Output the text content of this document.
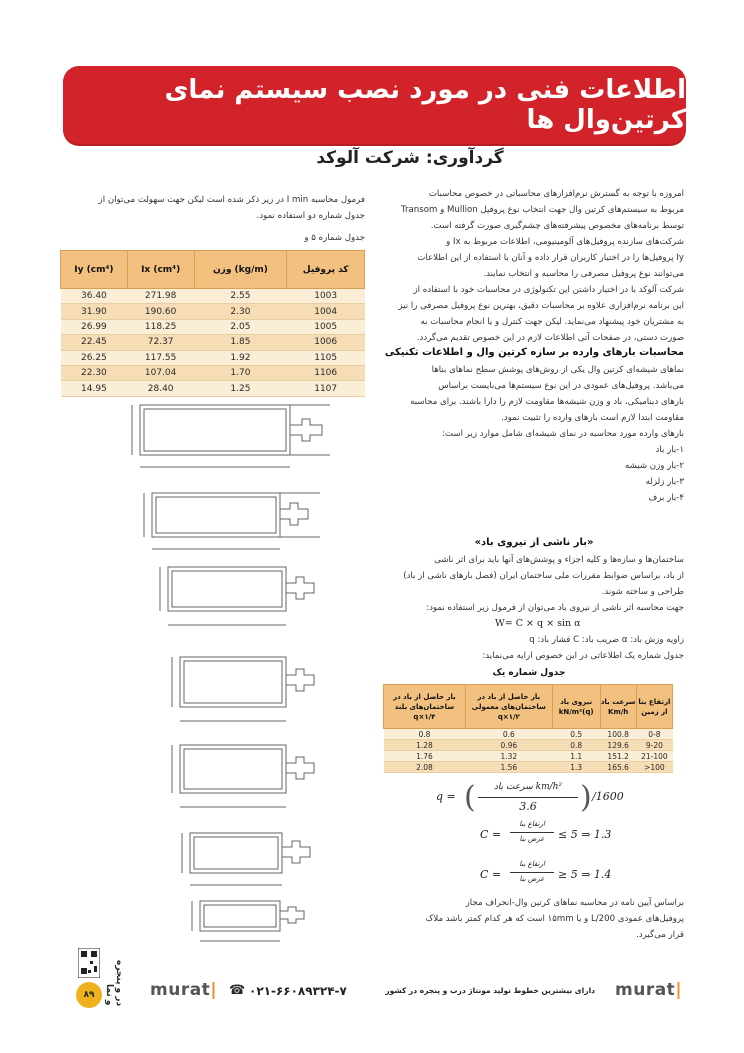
اطلاعات فنی در مورد نصب سیستم نمای کرتین‌وال ها
گردآوری: شرکت آلوکد
امروزه با توجه به گسترش نرم‌افزارهای محاسباتی در خصوص محاسبات
مربوط به سیستم‌های کرتین وال جهت انتخاب نوع پروفیل Mullion و Transom
توسط برنامه‌های مخصوص پیشرفته‌های چشم‌گیری صورت گرفته است.
شرکت‌های سازنده پروفیل‌های آلومینیومی، اطلاعات مربوط به Ix و
Iy پروفیل‌ها را در اختیار کاربران قرار داده و آنان با استفاده از این اطلاعات
می‌توانند نوع پروفیل مصرفی را محاسبه و انتخاب نمایند.
شرکت آلوکد با در اختیار داشتن این تکنولوژی در محاسبات خود با استفاده از
این برنامه نرم‌افزاری علاوه بر محاسبات دقیق، بهترین نوع پروفیل مصرفی را نیز
به مشتریان خود پیشنهاد می‌نماید. لیکن جهت کنترل و یا انجام محاسبات به
صورت دستی، در صفحات آتی اطلاعات لازم در این خصوص تقدیم می‌گردد.
فرمول محاسبه I min در زیر ذکر شده است لیکن جهت سهولت می‌توان از
جدول شماره دو استفاده نمود.
جدول شماره ۵ و
Iy (cm⁴)	Ix (cm⁴)	وزن (kg/m)	کد پروفیل
36.40	271.98	2.55	1003
31.90	190.60	2.30	1004
26.99	118.25	2.05	1005
22.45	72.37	1.85	1006
26.25	117.55	1.92	1105
22.30	107.04	1.70	1106
14.95	28.40	1.25	1107
محاسبات بارهای وارده بر سازه کرتین وال و اطلاعات تکنیکی
نماهای شیشه‌ای کرتین وال یکی از روش‌های پوشش سطح نماهای بناها
می‌باشد. پروفیل‌های عمودی در این نوع سیستم‌ها می‌بایست براساس
بارهای دینامیکی، باد و وزن شیشه‌ها مقاومت لازم را دارا باشند. برای محاسبه
مقاومت ابتدا لازم است بارهای وارده را تثبیت نمود.
بارهای وارده مورد محاسبه در نمای شیشه‌ای شامل موارد زیر است:
۱-بار باد
۲-بار وزن شیشه
۳-بار زلزله
۴-بار برف
«بار ناشی از نیروی باد»
ساختمان‌ها و سازه‌ها و کلیه اجزاء و پوشش‌های آنها باید برای اثر ناشی
از باد، براساس ضوابط مقررات ملی ساختمان ایران (فصل بارهای ناشی از باد)
طراحی و ساخته شوند.
جهت محاسبه اثر ناشی از نیروی باد می‌توان از فرمول زیر استفاده نمود:
W= C × q × sin α
زاویه وزش باد: α ضریب باد: C فشار باد: q
جدول شماره یک اطلاعاتی در این خصوص ارایه می‌نماید:
جدول شماره یک
بار حاصل از باد در ساختمان‌های بلند ۱/۴×q	بار حاصل از باد در ساختمان‌های معمولی ۱/۲×q	نیروی باد (q)kN/m²	سرعت باد Km/h	ارتفاع بنا از زمین
0.8	0.6	0.5	100.8	0-8
1.28	0.96	0.8	129.6	9-20
1.76	1.32	1.1	151.2	21-100
2.08	1.56	1.3	165.6	>100
q = (	سرعت باد km/h²
3.6	) /1600
C =
ارتفاع بنا
عرض بنا	≤ 5 ⇒ 1.3
C =
ارتفاع بنا
عرض بنا	≥ 5 ⇒ 1.4
براساس آیین نامه در محاسبه نماهای کرتین وال-انحراف مجاز
پروفیل‌های عمودی L/200 و یا ۱۵mm است که هر کدام کمتر باشد ملاک
قرار می‌گیرد.
۸۹	در و پنجره و نما	murat| ☎ ۰۲۱-۶۶۰۸۹۳۲۴-۷	دارای بیشترین خطوط تولید مونتاژ درب و پنجره در کشور murat|
